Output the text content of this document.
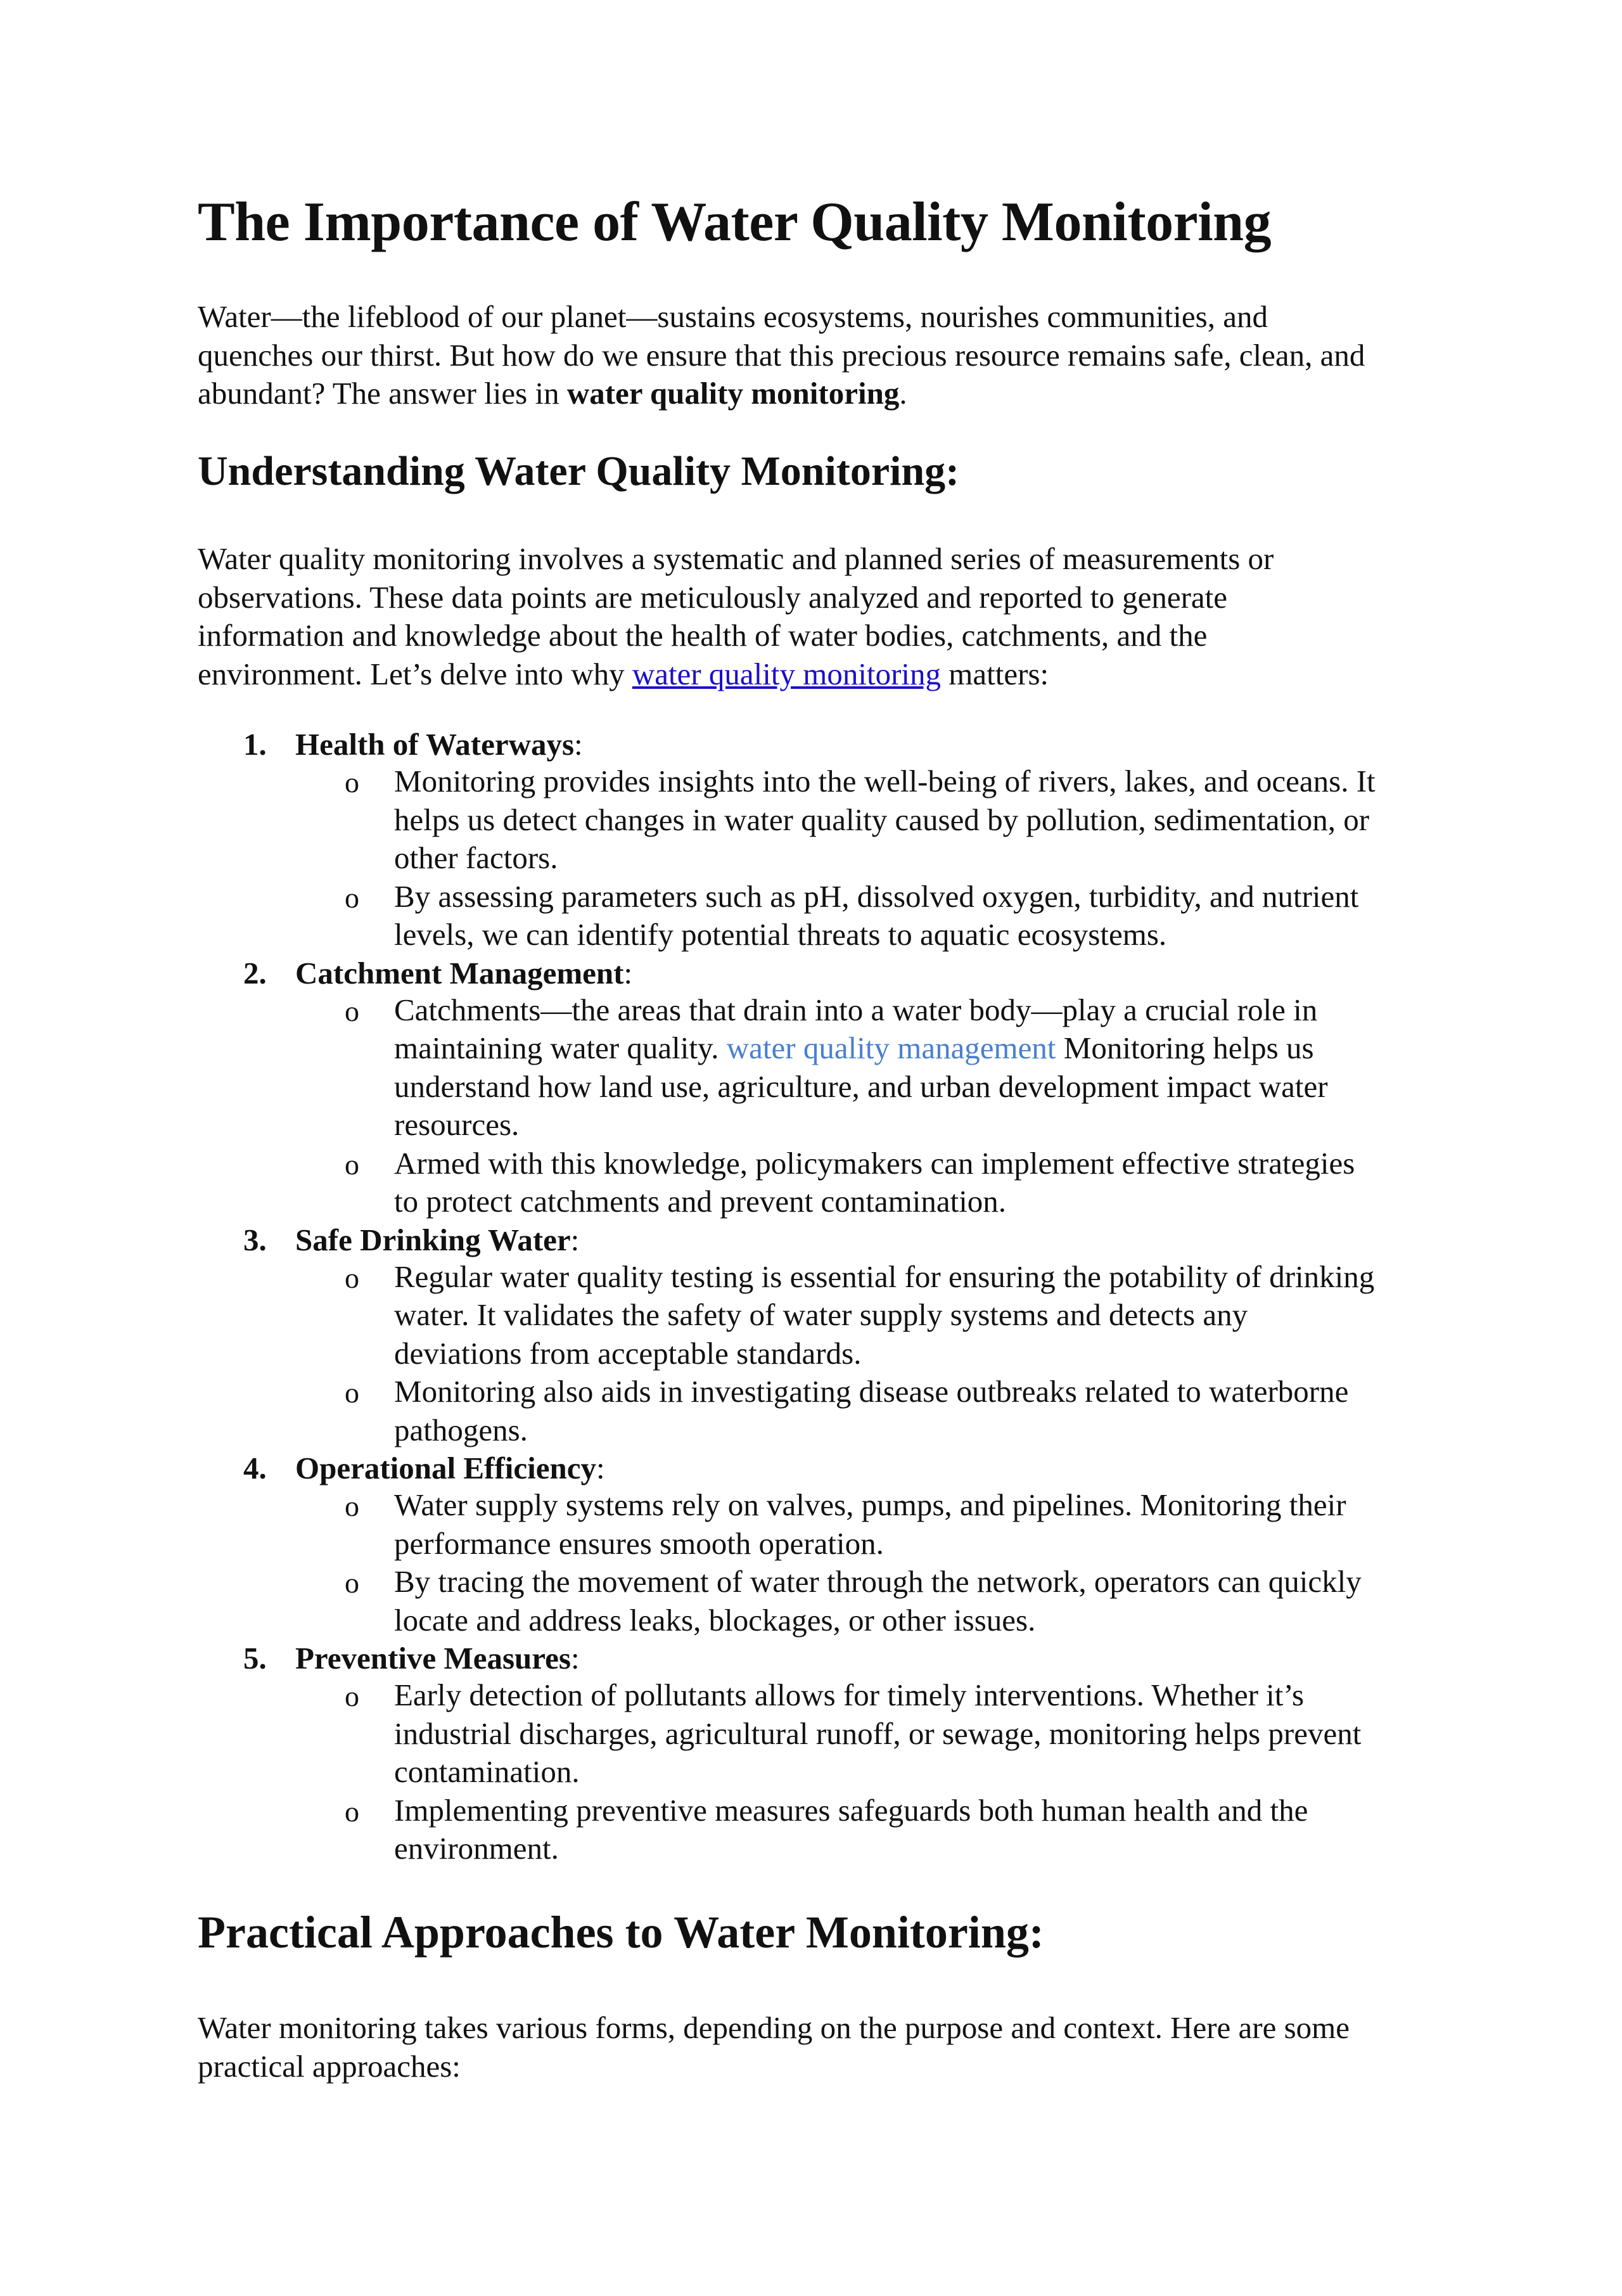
The Importance of Water Quality Monitoring

Water—the lifeblood of our planet—sustains ecosystems, nourishes communities, and
quenches our thirst. But how do we ensure that this precious resource remains safe, clean, and
abundant? The answer lies in water quality monitoring.

Understanding Water Quality Monitoring:

Water quality monitoring involves a systematic and planned series of measurements or
observations. These data points are meticulously analyzed and reported to generate
information and knowledge about the health of water bodies, catchments, and the
environment. Let’s delve into why water quality monitoring matters:

1. Health of Waterways:
o Monitoring provides insights into the well-being of rivers, lakes, and oceans. It
helps us detect changes in water quality caused by pollution, sedimentation, or
other factors.
o By assessing parameters such as pH, dissolved oxygen, turbidity, and nutrient
levels, we can identify potential threats to aquatic ecosystems.
2. Catchment Management:
o Catchments—the areas that drain into a water body—play a crucial role in
maintaining water quality. water quality management Monitoring helps us
understand how land use, agriculture, and urban development impact water
resources.
o Armed with this knowledge, policymakers can implement effective strategies
to protect catchments and prevent contamination.
3. Safe Drinking Water:
o Regular water quality testing is essential for ensuring the potability of drinking
water. It validates the safety of water supply systems and detects any
deviations from acceptable standards.
o Monitoring also aids in investigating disease outbreaks related to waterborne
pathogens.
4. Operational Efficiency:
o Water supply systems rely on valves, pumps, and pipelines. Monitoring their
performance ensures smooth operation.
o By tracing the movement of water through the network, operators can quickly
locate and address leaks, blockages, or other issues.
5. Preventive Measures:
o Early detection of pollutants allows for timely interventions. Whether it’s
industrial discharges, agricultural runoff, or sewage, monitoring helps prevent
contamination.
o Implementing preventive measures safeguards both human health and the
environment.
Practical Approaches to Water Monitoring:

Water monitoring takes various forms, depending on the purpose and context. Here are some
practical approaches:
